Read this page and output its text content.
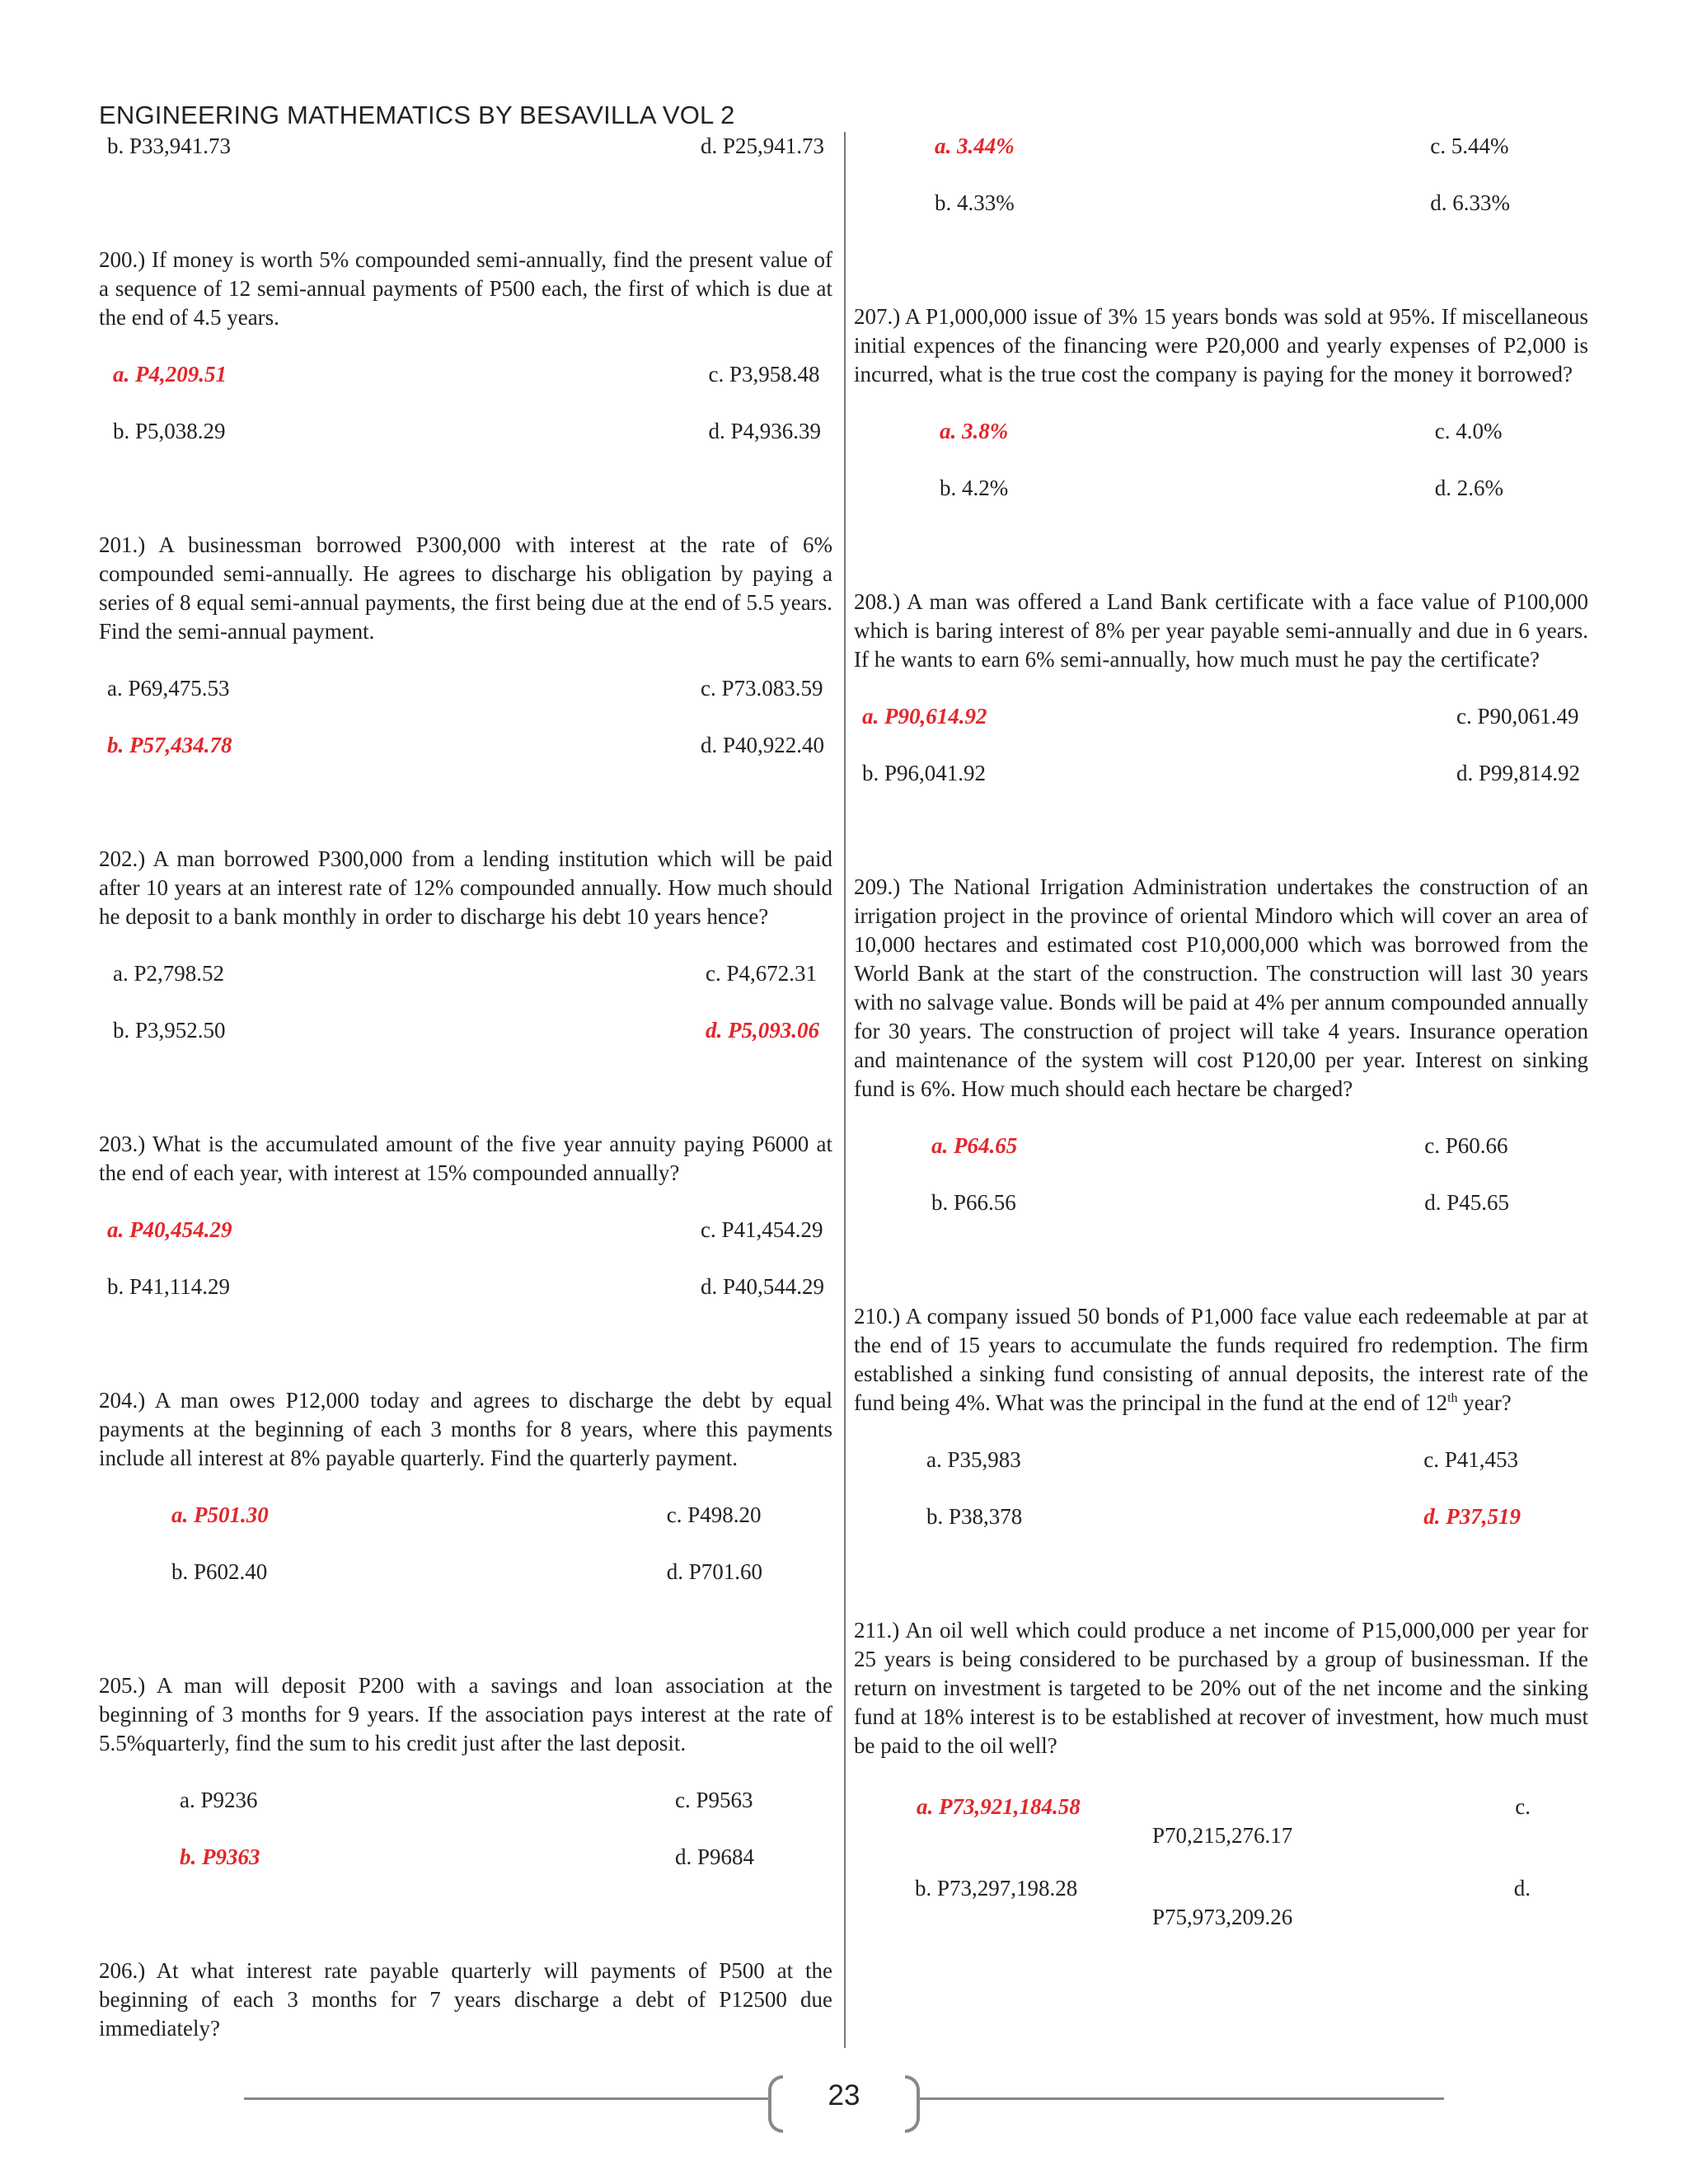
ENGINEERING MATHEMATICS BY BESAVILLA VOL 2
b. P33,941.73	d. P25,941.73
200.) If money is worth 5% compounded semi-annually, find the present value of a sequence of 12 semi-annual payments of P500 each, the first of which is due at the end of 4.5 years.
a. P4,209.51	c. P3,958.48
b. P5,038.29	d. P4,936.39
201.) A businessman borrowed P300,000 with interest at the rate of 6% compounded semi-annually. He agrees to discharge his obligation by paying a series of 8 equal semi-annual payments, the first being due at the end of 5.5 years. Find the semi-annual payment.
a. P69,475.53	c. P73.083.59
b. P57,434.78	d. P40,922.40
202.) A man borrowed P300,000 from a lending institution which will be paid after 10 years at an interest rate of 12% compounded annually. How much should he deposit to a bank monthly in order to discharge his debt 10 years hence?
a. P2,798.52	c. P4,672.31
b. P3,952.50	d. P5,093.06
203.) What is the accumulated amount of the five year annuity paying P6000 at the end of each year, with interest at 15% compounded annually?
a. P40,454.29	c. P41,454.29
b. P41,114.29	d. P40,544.29
204.) A man owes P12,000 today and agrees to discharge the debt by equal payments at the beginning of each 3 months for 8 years, where this payments include all interest at 8% payable quarterly. Find the quarterly payment.
a. P501.30	c. P498.20
b. P602.40	d. P701.60
205.) A man will deposit P200 with a savings and loan association at the beginning of 3 months for 9 years. If the association pays interest at the rate of 5.5%quarterly, find the sum to his credit just after the last deposit.
a. P9236	c. P9563
b. P9363	d. P9684
206.) At what interest rate payable quarterly will payments of P500 at the beginning of each 3 months for 7 years discharge a debt of P12500 due immediately?
a. 3.44%	c. 5.44%
b. 4.33%	d. 6.33%
207.) A P1,000,000 issue of 3% 15 years bonds was sold at 95%. If miscellaneous initial expences of the financing were P20,000 and yearly expenses of P2,000 is incurred, what is the true cost the company is paying for the money it borrowed?
a. 3.8%	c. 4.0%
b. 4.2%	d. 2.6%
208.) A man was offered a Land Bank certificate with a face value of P100,000 which is baring interest of 8% per year payable semi-annually and due in 6 years. If he wants to earn 6% semi-annually, how much must he pay the certificate?
a. P90,614.92	c. P90,061.49
b. P96,041.92	d. P99,814.92
209.) The National Irrigation Administration undertakes the construction of an irrigation project in the province of oriental Mindoro which will cover an area of 10,000 hectares and estimated cost P10,000,000 which was borrowed from the World Bank at the start of the construction. The construction will last 30 years with no salvage value. Bonds will be paid at 4% per annum compounded annually for 30 years. The construction of project will take 4 years. Insurance operation and maintenance of the system will cost P120,00 per year. Interest on sinking fund is 6%. How much should each hectare be charged?
a. P64.65	c. P60.66
b. P66.56	d. P45.65
210.) A company issued 50 bonds of P1,000 face value each redeemable at par at the end of 15 years to accumulate the funds required fro redemption. The firm established a sinking fund consisting of annual deposits, the interest rate of the fund being 4%. What was the principal in the fund at the end of 12th year?
a. P35,983	c. P41,453
b. P38,378	d. P37,519
211.) An oil well which could produce a net income of P15,000,000 per year for 25 years is being considered to be purchased by a group of businessman. If the return on investment is targeted to be 20% out of the net income and the sinking fund at 18% interest is to be established at recover of investment, how much must be paid to the oil well?
a. P73,921,184.58	c.
P70,215,276.17
b. P73,297,198.28	d.
P75,973,209.26
23
